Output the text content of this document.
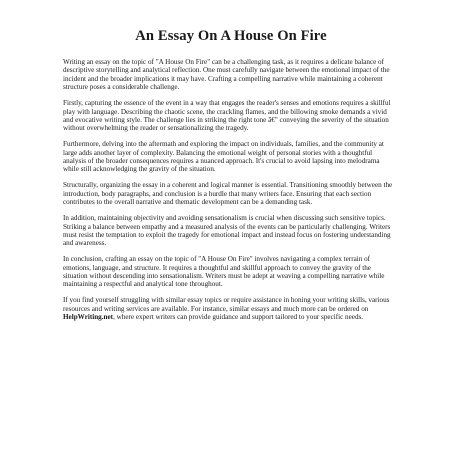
An Essay On A House On Fire

Writing an essay on the topic of "A House On Fire" can be a challenging task, as it requires a delicate balance of descriptive storytelling and analytical reflection. One must carefully navigate between the emotional impact of the incident and the broader implications it may have. Crafting a compelling narrative while maintaining a coherent structure poses a considerable challenge.

Firstly, capturing the essence of the event in a way that engages the reader's senses and emotions requires a skillful play with language. Describing the chaotic scene, the crackling flames, and the billowing smoke demands a vivid and evocative writing style. The challenge lies in striking the right tone â€" conveying the severity of the situation without overwhelming the reader or sensationalizing the tragedy.

Furthermore, delving into the aftermath and exploring the impact on individuals, families, and the community at large adds another layer of complexity. Balancing the emotional weight of personal stories with a thoughtful analysis of the broader consequences requires a nuanced approach. It's crucial to avoid lapsing into melodrama while still acknowledging the gravity of the situation.

Structurally, organizing the essay in a coherent and logical manner is essential. Transitioning smoothly between the introduction, body paragraphs, and conclusion is a hurdle that many writers face. Ensuring that each section contributes to the overall narrative and thematic development can be a demanding task.

In addition, maintaining objectivity and avoiding sensationalism is crucial when discussing such sensitive topics. Striking a balance between empathy and a measured analysis of the events can be particularly challenging. Writers must resist the temptation to exploit the tragedy for emotional impact and instead focus on fostering understanding and awareness.

In conclusion, crafting an essay on the topic of "A House On Fire" involves navigating a complex terrain of emotions, language, and structure. It requires a thoughtful and skillful approach to convey the gravity of the situation without descending into sensationalism. Writers must be adept at weaving a compelling narrative while maintaining a respectful and analytical tone throughout.

If you find yourself struggling with similar essay topics or require assistance in honing your writing skills, various resources and writing services are available. For instance, similar essays and much more can be ordered on HelpWriting.net, where expert writers can provide guidance and support tailored to your specific needs.
